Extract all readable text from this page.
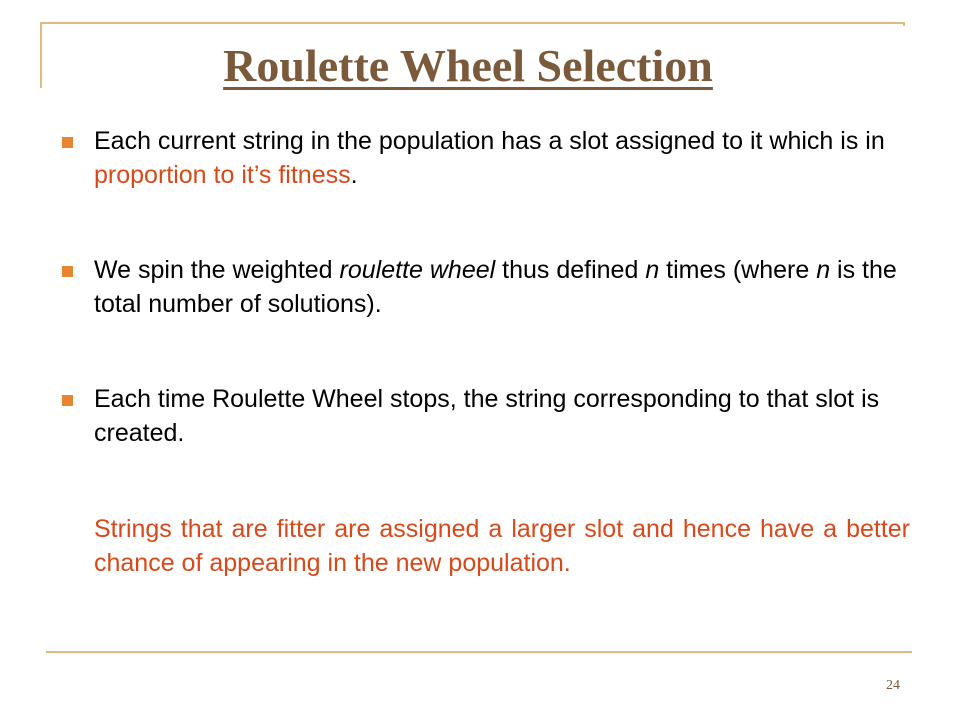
Roulette Wheel Selection

Each current string in the population has a slot assigned to it which is in proportion to it’s fitness.

We spin the weighted roulette wheel thus defined n times (where n is the total number of solutions).

Each time Roulette Wheel stops, the string corresponding to that slot is created.

Strings that are fitter are assigned a larger slot and hence have a better chance of appearing in the new population.

24
